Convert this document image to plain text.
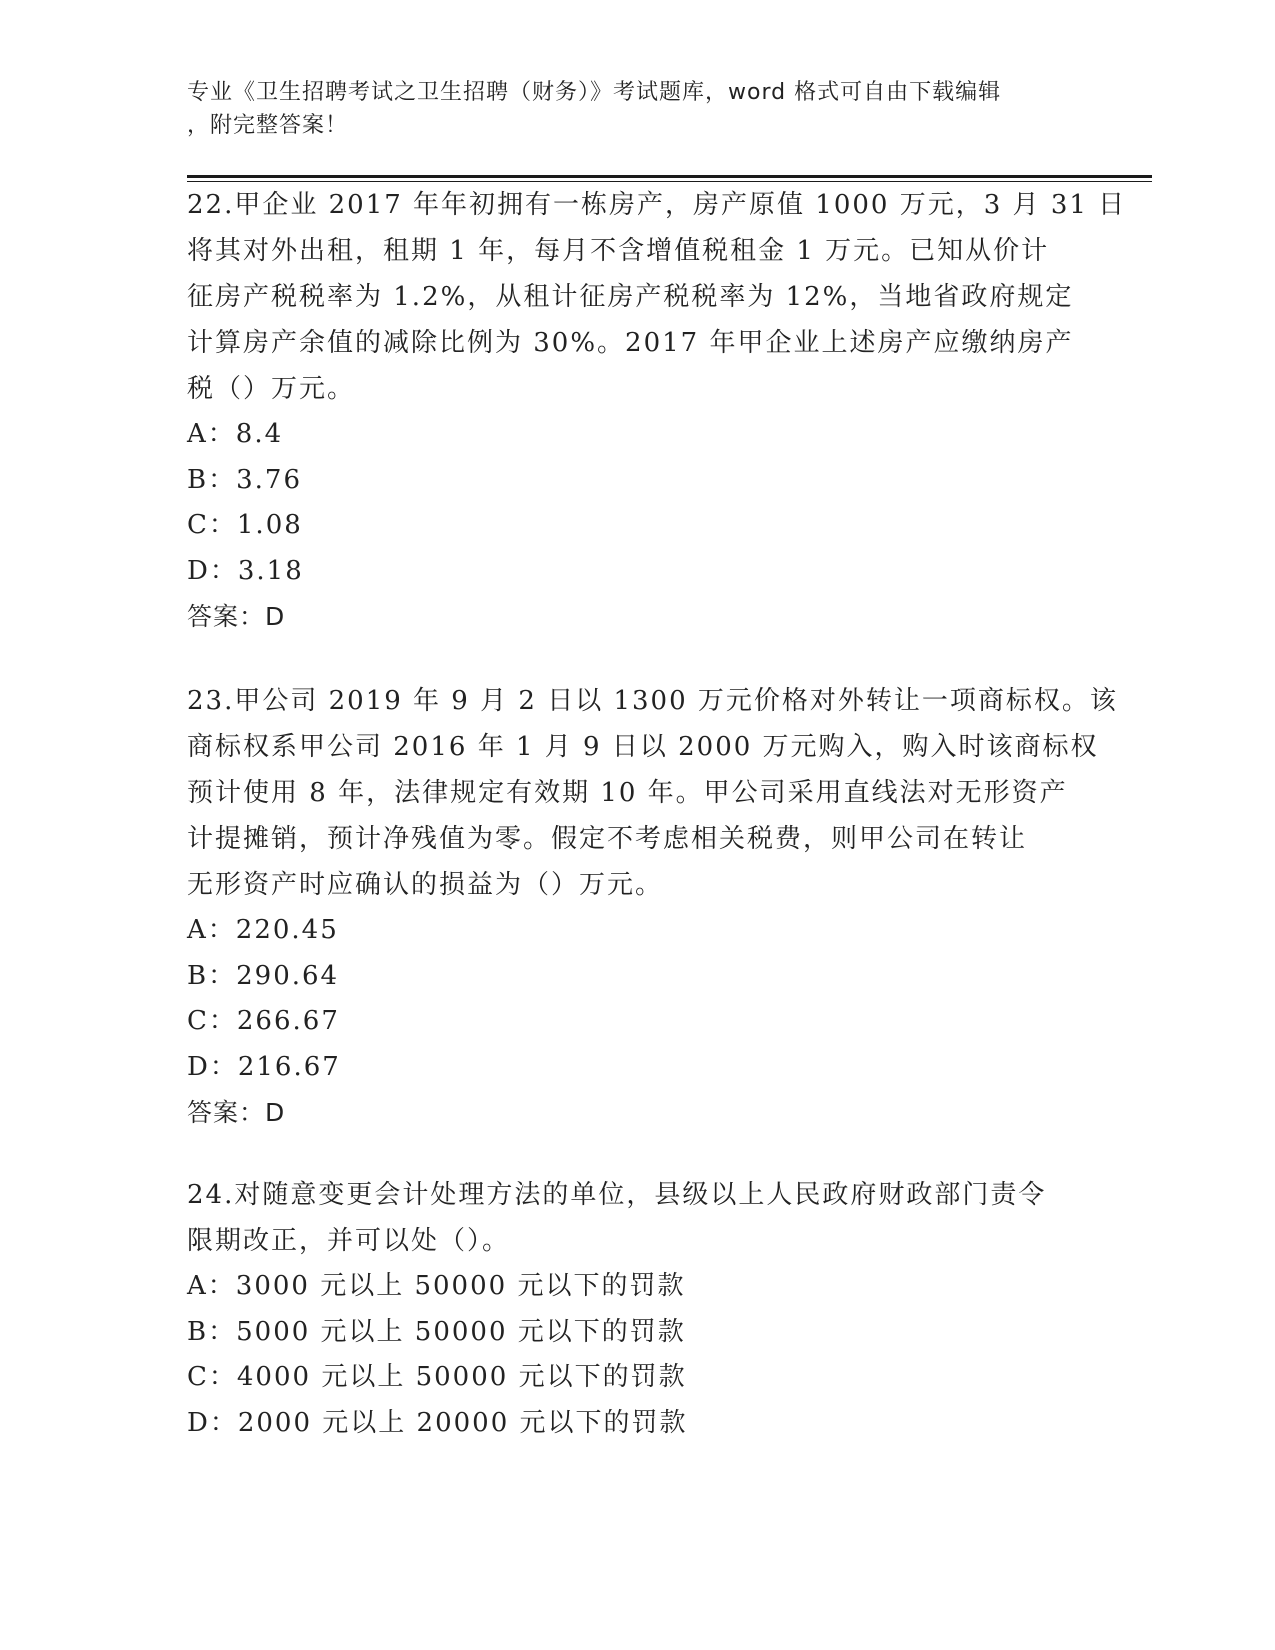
专业《卫生招聘考试之卫生招聘（财务）》考试题库，word 格式可自由下载编辑
，附完整答案！
22.甲企业 2017 年年初拥有一栋房产，房产原值 1000 万元，3 月 31 日
将其对外出租，租期 1 年，每月不含增值税租金 1 万元。已知从价计
征房产税税率为 1.2%，从租计征房产税税率为 12%，当地省政府规定
计算房产余值的减除比例为 30%。2017 年甲企业上述房产应缴纳房产
税（）万元。
A：8.4
B：3.76
C：1.08
D：3.18
答案：D
23.甲公司 2019 年 9 月 2 日以 1300 万元价格对外转让一项商标权。该
商标权系甲公司 2016 年 1 月 9 日以 2000 万元购入，购入时该商标权
预计使用 8 年，法律规定有效期 10 年。甲公司采用直线法对无形资产
计提摊销，预计净残值为零。假定不考虑相关税费，则甲公司在转让
无形资产时应确认的损益为（）万元。
A：220.45
B：290.64
C：266.67
D：216.67
答案：D
24.对随意变更会计处理方法的单位，县级以上人民政府财政部门责令
限期改正，并可以处（）。
A：3000 元以上 50000 元以下的罚款
B：5000 元以上 50000 元以下的罚款
C：4000 元以上 50000 元以下的罚款
D：2000 元以上 20000 元以下的罚款
